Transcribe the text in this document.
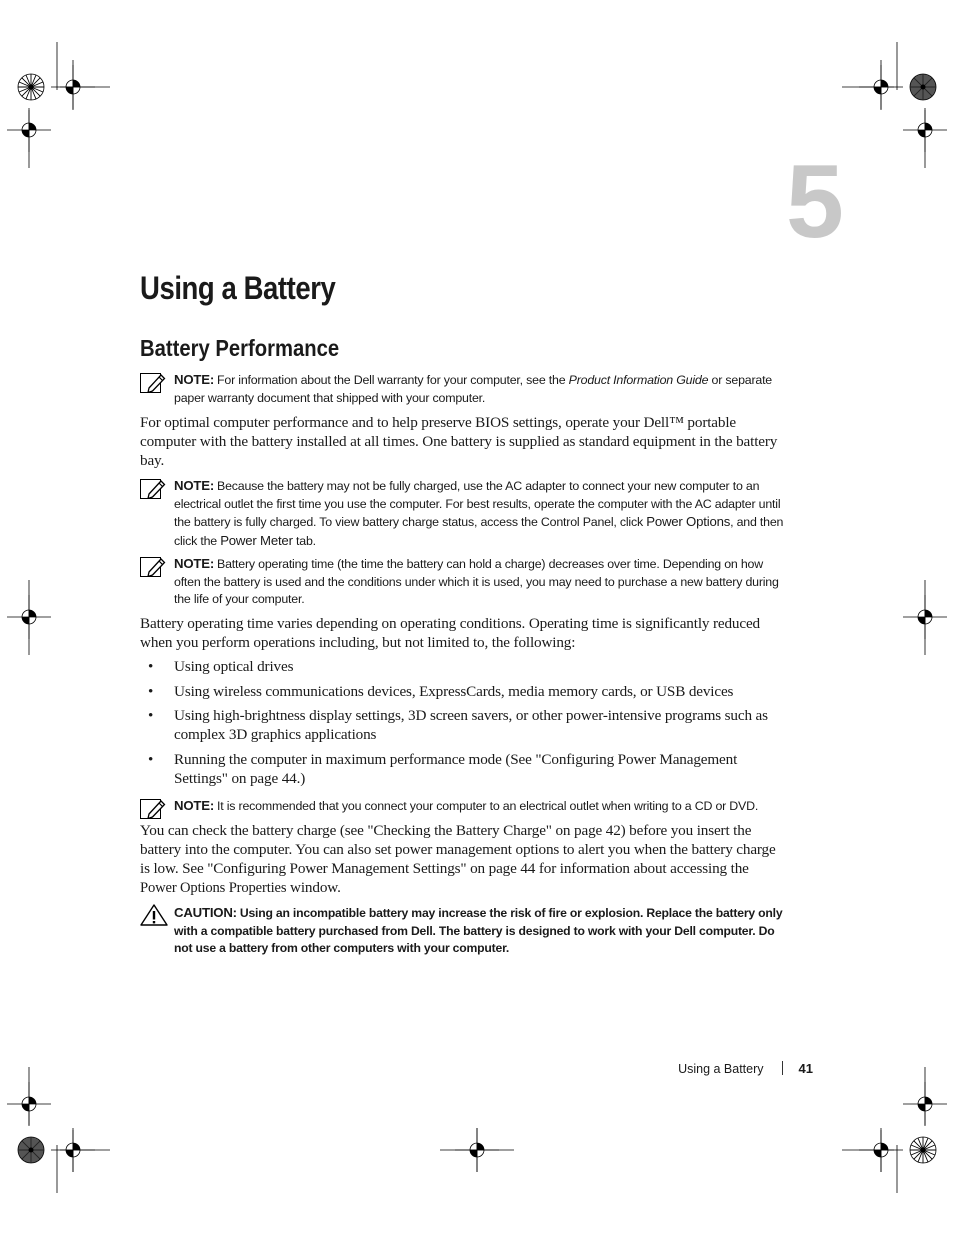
5
Using a Battery
Battery Performance
NOTE: For information about the Dell warranty for your computer, see the Product Information Guide or separate paper warranty document that shipped with your computer.

For optimal computer performance and to help preserve BIOS settings, operate your Dell™ portable computer with the battery installed at all times. One battery is supplied as standard equipment in the battery bay.

NOTE: Because the battery may not be fully charged, use the AC adapter to connect your new computer to an electrical outlet the first time you use the computer. For best results, operate the computer with the AC adapter until the battery is fully charged. To view battery charge status, access the Control Panel, click Power Options, and then click the Power Meter tab.
NOTE: Battery operating time (the time the battery can hold a charge) decreases over time. Depending on how often the battery is used and the conditions under which it is used, you may need to purchase a new battery during the life of your computer.

Battery operating time varies depending on operating conditions. Operating time is significantly reduced when you perform operations including, but not limited to, the following:

• Using optical drives
• Using wireless communications devices, ExpressCards, media memory cards, or USB devices
• Using high-brightness display settings, 3D screen savers, or other power-intensive programs such as complex 3D graphics applications
• Running the computer in maximum performance mode (See "Configuring Power Management Settings" on page 44.)
NOTE: It is recommended that you connect your computer to an electrical outlet when writing to a CD or DVD.

You can check the battery charge (see "Checking the Battery Charge" on page 42) before you insert the battery into the computer. You can also set power management options to alert you when the battery charge is low. See "Configuring Power Management Settings" on page 44 for information about accessing the Power Options Properties window.

CAUTION: Using an incompatible battery may increase the risk of fire or explosion. Replace the battery only with a compatible battery purchased from Dell. The battery is designed to work with your Dell computer. Do not use a battery from other computers with your computer.
Using a Battery	41
